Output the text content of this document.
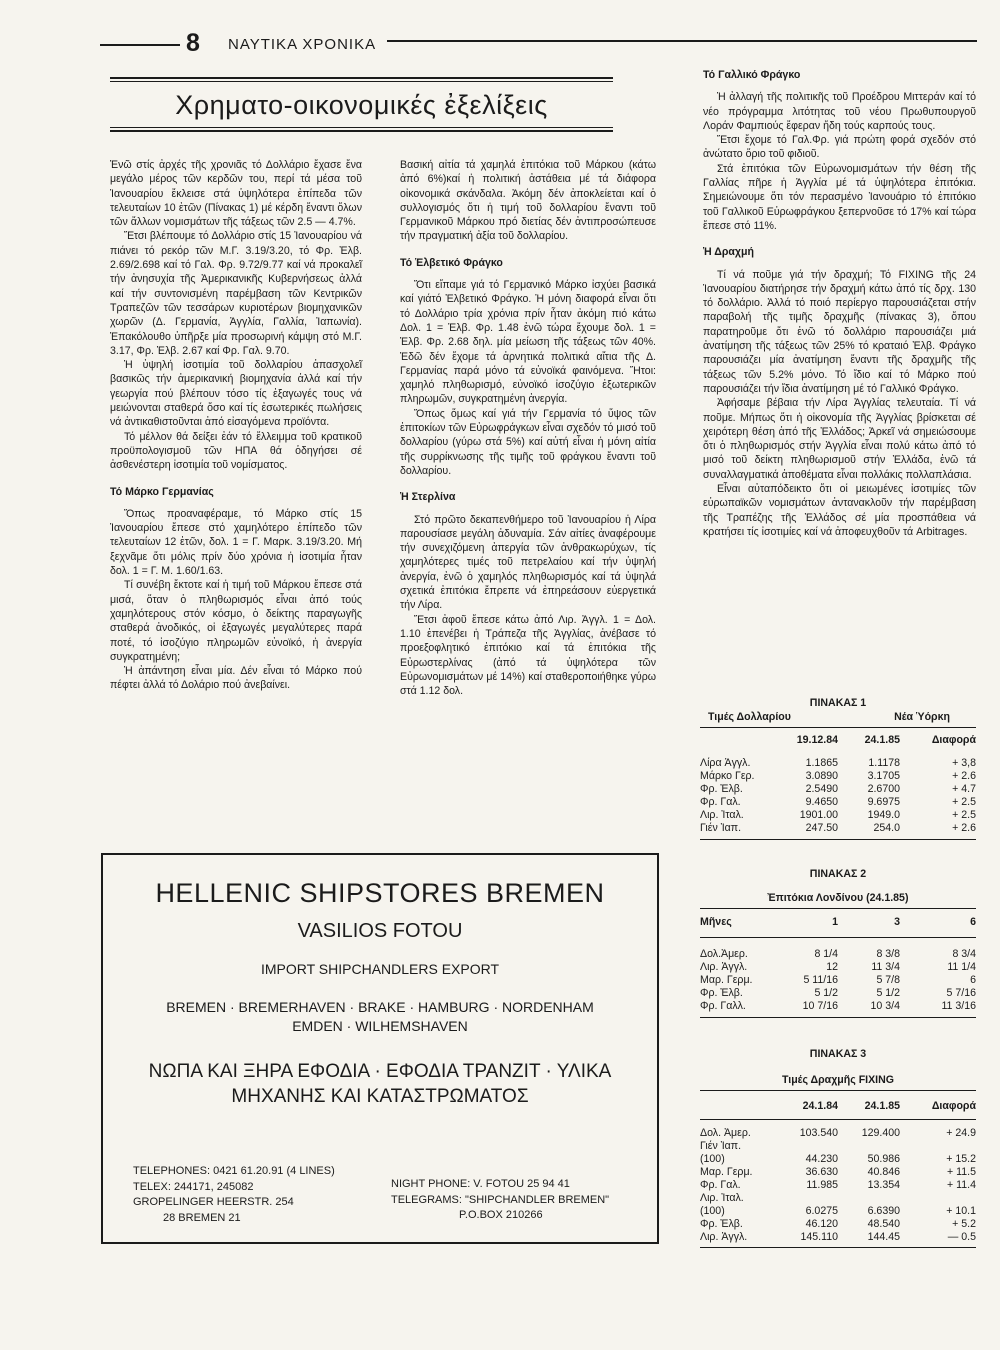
8 ΝΑΥΤΙΚΑ ΧΡΟΝΙΚΑ
Χρηματο-οικονομικές ἐξελίξεις

Ἐνῶ στίς ἀρχές τῆς χρονιᾶς τό Δολλάριο ἔχασε ἕνα μεγάλο μέρος τῶν κερδῶν του, περί τά μέσα τοῦ Ἰανουαρίου ἔκλεισε στά ὑψηλότερα ἐπίπεδα τῶν τελευταίων 10 ἐτῶν (Πίνακας 1) μέ κέρδη ἔναντι ὅλων τῶν ἄλλων νομισμάτων τῆς τάξεως τῶν 2.5 — 4.7%.

Ἔτσι βλέπουμε τό Δολλάριο στίς 15 Ἰανουαρίου νά πιάνει τό ρεκόρ τῶν Μ.Γ. 3.19/3.20, τό Φρ. Ἐλβ. 2.69/2.698 καί τό Γαλ. Φρ. 9.72/9.77 καί νά προκαλεῖ τήν ἀνησυχία τῆς Ἀμερικανικῆς Κυβερνήσεως ἀλλά καί τήν συντονισμένη παρέμβαση τῶν Κεντρικῶν Τραπεζῶν τῶν τεσσάρων κυριοτέρων βιομηχανικῶν χωρῶν (Δ. Γερμανία, Ἀγγλία, Γαλλία, Ἰαπωνία). Ἐπακόλουθο ὑπῆρξε μία προσωρινή κάμψη στό Μ.Γ. 3.17, Φρ. Ἐλβ. 2.67 καί Φρ. Γαλ. 9.70.

Ἡ ὑψηλή ἰσοτιμία τοῦ δολλαρίου ἀπασχολεῖ βασικῶς τήν ἀμερικανική βιομηχανία ἀλλά καί τήν γεωργία πού βλέπουν τόσο τίς ἐξαγωγές τους νά μειώνονται σταθερά ὅσο καί τίς ἐσωτερικές πωλήσεις νά ἀντικαθιστοῦνται ἀπό εἰσαγόμενα προϊόντα.

Τό μέλλον θά δείξει ἐάν τό ἔλλειμμα τοῦ κρατικοῦ προϋπολογισμοῦ τῶν ΗΠΑ θά ὁδηγήσει σέ ἀσθενέστερη ἰσοτιμία τοῦ νομίσματος.

Τό Μάρκο Γερμανίας

Ὅπως προαναφέραμε, τό Μάρκο στίς 15 Ἰανουαρίου ἔπεσε στό χαμηλότερο ἐπίπεδο τῶν τελευταίων 12 ἐτῶν, δολ. 1 = Γ. Μαρκ. 3.19/3.20. Μή ξεχνᾶμε ὅτι μόλις πρίν δύο χρόνια ἡ ἰσοτιμία ἦταν δολ. 1 = Γ. Μ. 1.60/1.63.

Τί συνέβη ἔκτοτε καί ἡ τιμή τοῦ Μάρκου ἔπεσε στά μισά, ὅταν ὁ πληθωρισμός εἶναι ἀπό τούς χαμηλότερους στόν κόσμο, ὁ δείκτης παραγωγῆς σταθερά ἀνοδικός, οἱ ἐξαγωγές μεγαλύτερες παρά ποτέ, τό ἰσοζύγιο πληρωμῶν εὐνοϊκό, ἡ ἀνεργία συγκρατημένη;

Ἡ ἀπάντηση εἶναι μία. Δέν εἶναι τό Μάρκο πού πέφτει ἀλλά τό Δολάριο πού ἀνεβαίνει.

Βασική αἰτία τά χαμηλά ἐπιτόκια τοῦ Μάρκου (κάτω ἀπό 6%)καί ἡ πολιτική ἀστάθεια μέ τά διάφορα οἰκονομικά σκάνδαλα. Ἀκόμη δέν ἀποκλείεται καί ὁ συλλογισμός ὅτι ἡ τιμή τοῦ δολλαρίου ἔναντι τοῦ Γερμανικοῦ Μάρκου πρό διετίας δέν ἀντιπροσώπευσε τήν πραγματική ἀξία τοῦ δολλαρίου.

Τό Ἑλβετικό Φράγκο

Ὅτι εἴπαμε γιά τό Γερμανικό Μάρκο ἰσχύει βασικά καί γιάτό Ἑλβετικό Φράγκο. Ἡ μόνη διαφορά εἶναι ὅτι τό Δολλάριο τρία χρόνια πρίν ἦταν ἀκόμη πιό κάτω Δολ. 1 = Ἐλβ. Φρ. 1.48 ἐνῶ τώρα ἔχουμε δολ. 1 = Ἐλβ. Φρ. 2.68 δηλ. μία μείωση τῆς τάξεως τῶν 40%. Ἐδῶ δέν ἔχομε τά ἀρνητικά πολιτικά αἴτια τῆς Δ. Γερμανίας παρά μόνο τά εὐνοϊκά φαινόμενα. Ἤτοι: χαμηλό πληθωρισμό, εὐνοϊκό ἰσοζύγιο ἐξωτερικῶν πληρωμῶν, συγκρατημένη ἀνεργία.

Ὅπως ὅμως καί γιά τήν Γερμανία τό ὕψος τῶν ἐπιτοκίων τῶν Εὐρωφράγκων εἶναι σχεδόν τό μισό τοῦ δολλαρίου (γύρω στά 5%) καί αὐτή εἶναι ἡ μόνη αἰτία τῆς συρρίκνωσης τῆς τιμῆς τοῦ φράγκου ἔναντι τοῦ δολλαρίου.

Ἡ Στερλίνα

Στό πρῶτο δεκαπενθήμερο τοῦ Ἰανουαρίου ἡ Λίρα παρουσίασε μεγάλη ἀδυναμία. Σάν αἰτίες ἀναφέρουμε τήν συνεχιζόμενη ἀπεργία τῶν ἀνθρακωρύχων, τίς χαμηλότερες τιμές τοῦ πετρελαίου καί τήν ὑψηλή ἀνεργία, ἐνῶ ὁ χαμηλός πληθωρισμός καί τά ὑψηλά σχετικά ἐπιτόκια ἔπρεπε νά ἐπηρεάσουν εὐεργετικά τήν Λίρα.

Ἔτσι ἀφοῦ ἔπεσε κάτω ἀπό Λιρ. Ἀγγλ. 1 = Δολ. 1.10 ἐπενέβει ἡ Τράπεζα τῆς Ἀγγλίας, ἀνέβασε τό προεξοφλητικό ἐπιτόκιο καί τά ἐπιτόκια τῆς Εὐρωστερλίνας (ἀπό τά ὑψηλότερα τῶν Εὐρωνομισμάτων μέ 14%) καί σταθεροποιήθηκε γύρω στά 1.12 δολ.

Τό Γαλλικό Φράγκο

Ἡ ἀλλαγή τῆς πολιτικῆς τοῦ Προέδρου Μιττεράν καί τό νέο πρόγραμμα λιτότητας τοῦ νέου Πρωθυπουργοῦ Λοράν Φαμπιούς ἔφεραν ἤδη τούς καρπούς τους.

Ἔτσι ἔχομε τό Γαλ.Φρ. γιά πρώτη φορά σχεδόν στό ἀνώτατο ὅριο τοῦ φιδιοῦ.

Στά ἐπιτόκια τῶν Εὐρωνομισμάτων τήν θέση τῆς Γαλλίας πῆρε ἡ Ἀγγλία μέ τά ὑψηλότερα ἐπιτόκια. Σημειώνουμε ὅτι τόν περασμένο Ἰανουάριο τό ἐπιτόκιο τοῦ Γαλλικοῦ Εὐρωφράγκου ξεπερνοῦσε τό 17% καί τώρα ἔπεσε στό 11%.

Ἡ Δραχμή

Τί νά ποῦμε γιά τήν δραχμή; Τό FIXING τῆς 24 Ἰανουαρίου διατήρησε τήν δραχμή κάτω ἀπό τίς δρχ. 130 τό δολλάριο. Ἀλλά τό ποιό περίεργο παρουσιάζεται στήν παραβολή τῆς τιμῆς δραχμῆς (πίνακας 3), ὅπου παρατηροῦμε ὅτι ἐνῶ τό δολλάριο παρουσιάζει μιά ἀνατίμηση τῆς τάξεως τῶν 25% τό κραταιό Ἐλβ. Φράγκο παρουσιάζει μία ἀνατίμηση ἔναντι τῆς δραχμῆς τῆς τάξεως τῶν 5.2% μόνο. Τό ἴδιο καί τό Μάρκο πού παρουσιάζει τήν ἴδια ἀνατίμηση μέ τό Γαλλικό Φράγκο.

Ἀφήσαμε βέβαια τήν Λίρα Ἀγγλίας τελευταία. Τί νά ποῦμε. Μήπως ὅτι ἡ οἰκονομία τῆς Ἀγγλίας βρίσκεται σέ χειρότερη θέση ἀπό τῆς Ἑλλάδος; Ἀρκεῖ νά σημειώσουμε ὅτι ὁ πληθωρισμός στήν Ἀγγλία εἶναι πολύ κάτω ἀπό τό μισό τοῦ δείκτη πληθωρισμοῦ στήν Ἑλλάδα, ἐνῶ τά συναλλαγματικά ἀποθέματα εἶναι πολλάκις πολλαπλάσια.

Εἶναι αὐταπόδεικτο ὅτι οἱ μειωμένες ἰσοτιμίες τῶν εὐρωπαϊκῶν νομισμάτων ἀντανακλοῦν τήν παρέμβαση τῆς Τραπέζης τῆς Ἑλλάδος σέ μία προσπάθεια νά κρατήσει τίς ἰσοτιμίες καί νά ἀποφευχθοῦν τά Arbitrages.

ΠΙΝΑΚΑΣ 1
Τιμές Δολλαρίου	Νέα Ὑόρκη
	19.12.84	24.1.85	Διαφορά

Λίρα Ἀγγλ.	1.1865	1.1178	+ 3,8
Μάρκο Γερ.	3.0890	3.1705	+ 2.6
Φρ. Ἐλβ.	2.5490	2.6700	+ 4.7
Φρ. Γαλ.	9.4650	9.6975	+ 2.5
Λιρ. Ἰταλ.	1901.00	1949.0	+ 2.5
Γιέν Ἰαπ.	247.50	254.0	+ 2.6
ΠΙΝΑΚΑΣ 2
Ἐπιτόκια Λονδίνου (24.1.85)
Μῆνες	1	3	6

Δολ.Ἀμερ.	8 1/4	8 3/8	8 3/4
Λιρ. Ἀγγλ.	12	11 3/4	11 1/4
Μαρ. Γερμ.	5 11/16	5 7/8	6
Φρ. Ἐλβ.	5 1/2	5 1/2	5 7/16
Φρ. Γαλλ.	10 7/16	10 3/4	11 3/16
ΠΙΝΑΚΑΣ 3
Τιμές Δραχμῆς FIXING
	24.1.84	24.1.85	Διαφορά

Δολ. Ἀμερ.	103.540	129.400	+ 24.9
Γιέν Ἰαπ.			
(100)	44.230	50.986	+ 15.2
Μαρ. Γερμ.	36.630	40.846	+ 11.5
Φρ. Γαλ.	11.985	13.354	+ 11.4
Λιρ. Ἰταλ.			
(100)	6.0275	6.6390	+ 10.1
Φρ. Ἐλβ.	46.120	48.540	+ 5.2
Λιρ. Ἀγγλ.	145.110	144.45	— 0.5
HELLENIC SHIPSTORES BREMEN
VASILIOS FOTOU
IMPORT SHIPCHANDLERS EXPORT
BREMEN · BREMERHAVEN · BRAKE · HAMBURG · NORDENHAM
EMDEN · WILHEMSHAVEN
ΝΩΠΑ ΚΑΙ ΞΗΡΑ ΕΦΟΔΙΑ · ΕΦΟΔΙΑ ΤΡΑΝΖΙΤ · ΥΛΙΚΑ
ΜΗΧΑΝΗΣ ΚΑΙ ΚΑΤΑΣΤΡΩΜΑΤΟΣ
TELEPHONES: 0421 61.20.91 (4 LINES)
TELEX: 244171, 245082
GROPELINGER HEERSTR. 254
28 BREMEN 21
NIGHT PHONE: V. FOTOU 25 94 41
TELEGRAMS: "SHIPCHANDLER BREMEN"
P.O.BOX 210266
